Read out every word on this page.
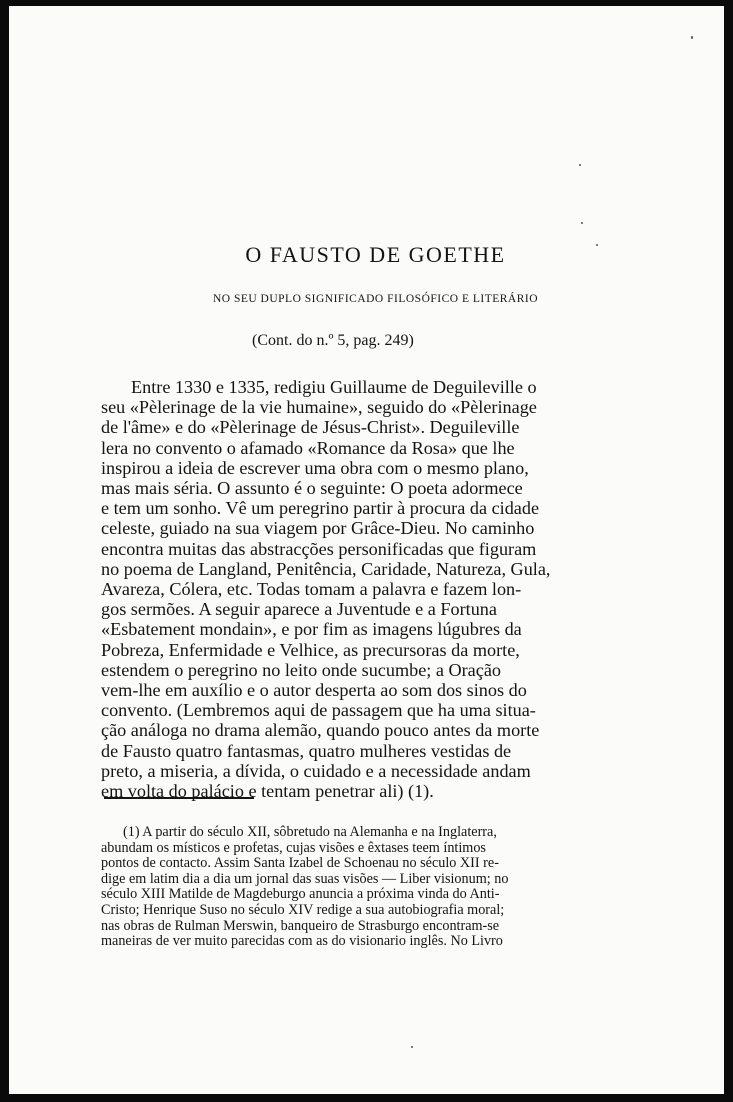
O FAUSTO DE GOETHE

NO SEU DUPLO SIGNIFICADO FILOSÓFICO E LITERÁRIO

(Cont. do n.º 5, pag. 249)

Entre 1330 e 1335, redigiu Guillaume de Deguileville o
seu «Pèlerinage de la vie humaine», seguido do «Pèlerinage
de l'âme» e do «Pèlerinage de Jésus-Christ». Deguileville
lera no convento o afamado «Romance da Rosa» que lhe
inspirou a ideia de escrever uma obra com o mesmo plano,
mas mais séria. O assunto é o seguinte: O poeta adormece
e tem um sonho. Vê um peregrino partir à procura da cidade
celeste, guiado na sua viagem por Grâce-Dieu. No caminho
encontra muitas das abstracções personificadas que figuram
no poema de Langland, Penitência, Caridade, Natureza, Gula,
Avareza, Cólera, etc. Todas tomam a palavra e fazem lon-
gos sermões. A seguir aparece a Juventude e a Fortuna
«Esbatement mondain», e por fim as imagens lúgubres da
Pobreza, Enfermidade e Velhice, as precursoras da morte,
estendem o peregrino no leito onde sucumbe; a Oração
vem-lhe em auxílio e o autor desperta ao som dos sinos do
convento. (Lembremos aqui de passagem que ha uma situa-
ção análoga no drama alemão, quando pouco antes da morte
de Fausto quatro fantasmas, quatro mulheres vestidas de
preto, a miseria, a dívida, o cuidado e a necessidade andam
em volta do palácio e tentam penetrar ali) (1).
(1) A partir do século XII, sôbretudo na Alemanha e na Inglaterra,
abundam os místicos e profetas, cujas visões e êxtases teem íntimos
pontos de contacto. Assim Santa Izabel de Schoenau no século XII re-
dige em latim dia a dia um jornal das suas visões — Liber visionum; no
século XIII Matilde de Magdeburgo anuncia a próxima vinda do Anti-
Cristo; Henrique Suso no século XIV redige a sua autobiografia moral;
nas obras de Rulman Merswin, banqueiro de Strasburgo encontram-se
maneiras de ver muito parecidas com as do visionario inglês. No Livro
